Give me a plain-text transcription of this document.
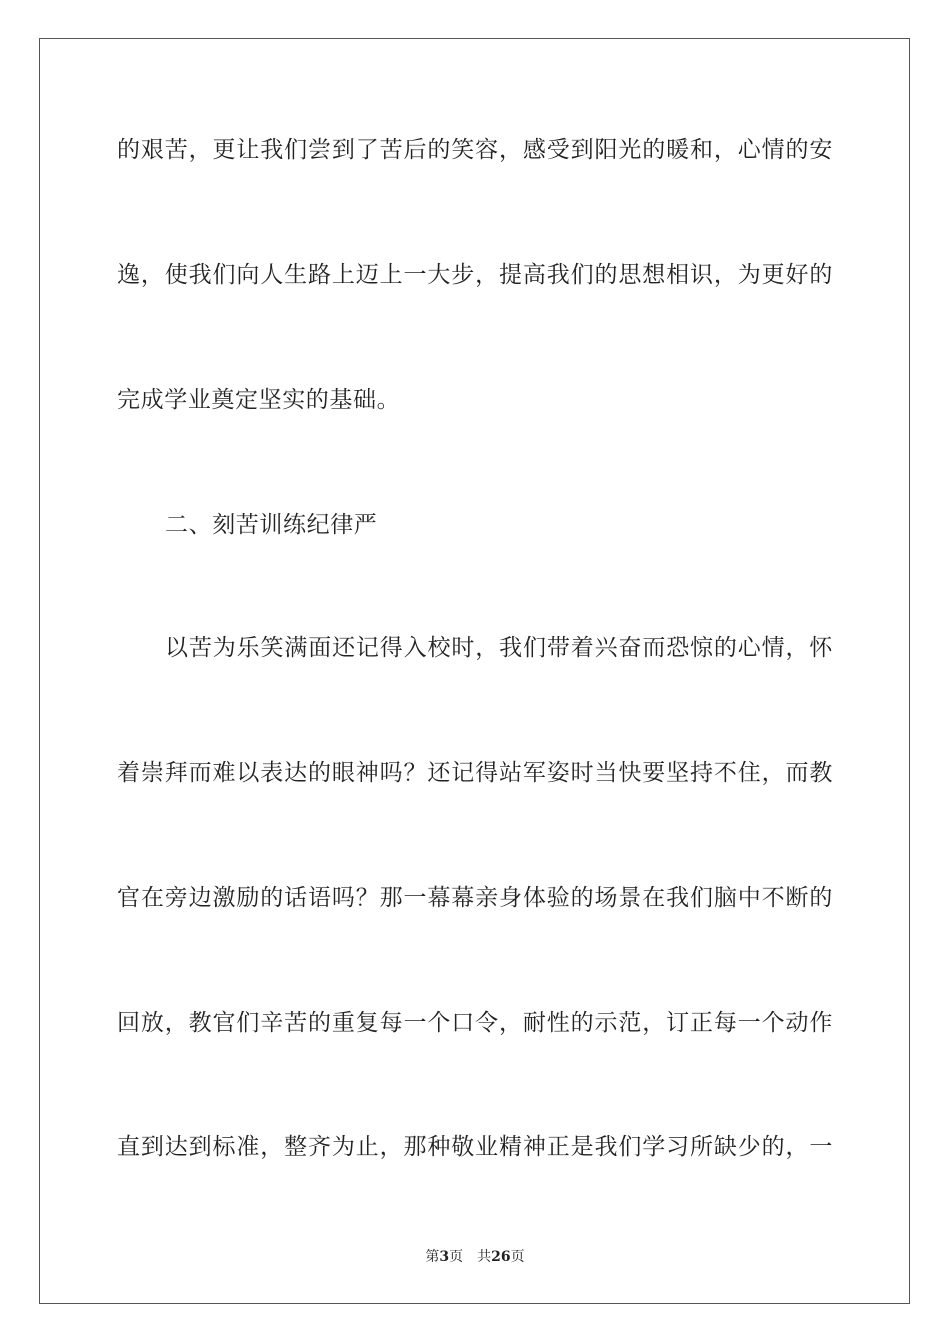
的艰苦，更让我们尝到了苦后的笑容，感受到阳光的暖和，心情的安
逸，使我们向人生路上迈上一大步，提高我们的思想相识，为更好的
完成学业奠定坚实的基础。
二、刻苦训练纪律严
以苦为乐笑满面还记得入校时，我们带着兴奋而恐惊的心情，怀
着崇拜而难以表达的眼神吗？还记得站军姿时当快要坚持不住，而教
官在旁边激励的话语吗？那一幕幕亲身体验的场景在我们脑中不断的
回放，教官们辛苦的重复每一个口令，耐性的示范，订正每一个动作
直到达到标准，整齐为止，那种敬业精神正是我们学习所缺少的，一
第3页 共26页
